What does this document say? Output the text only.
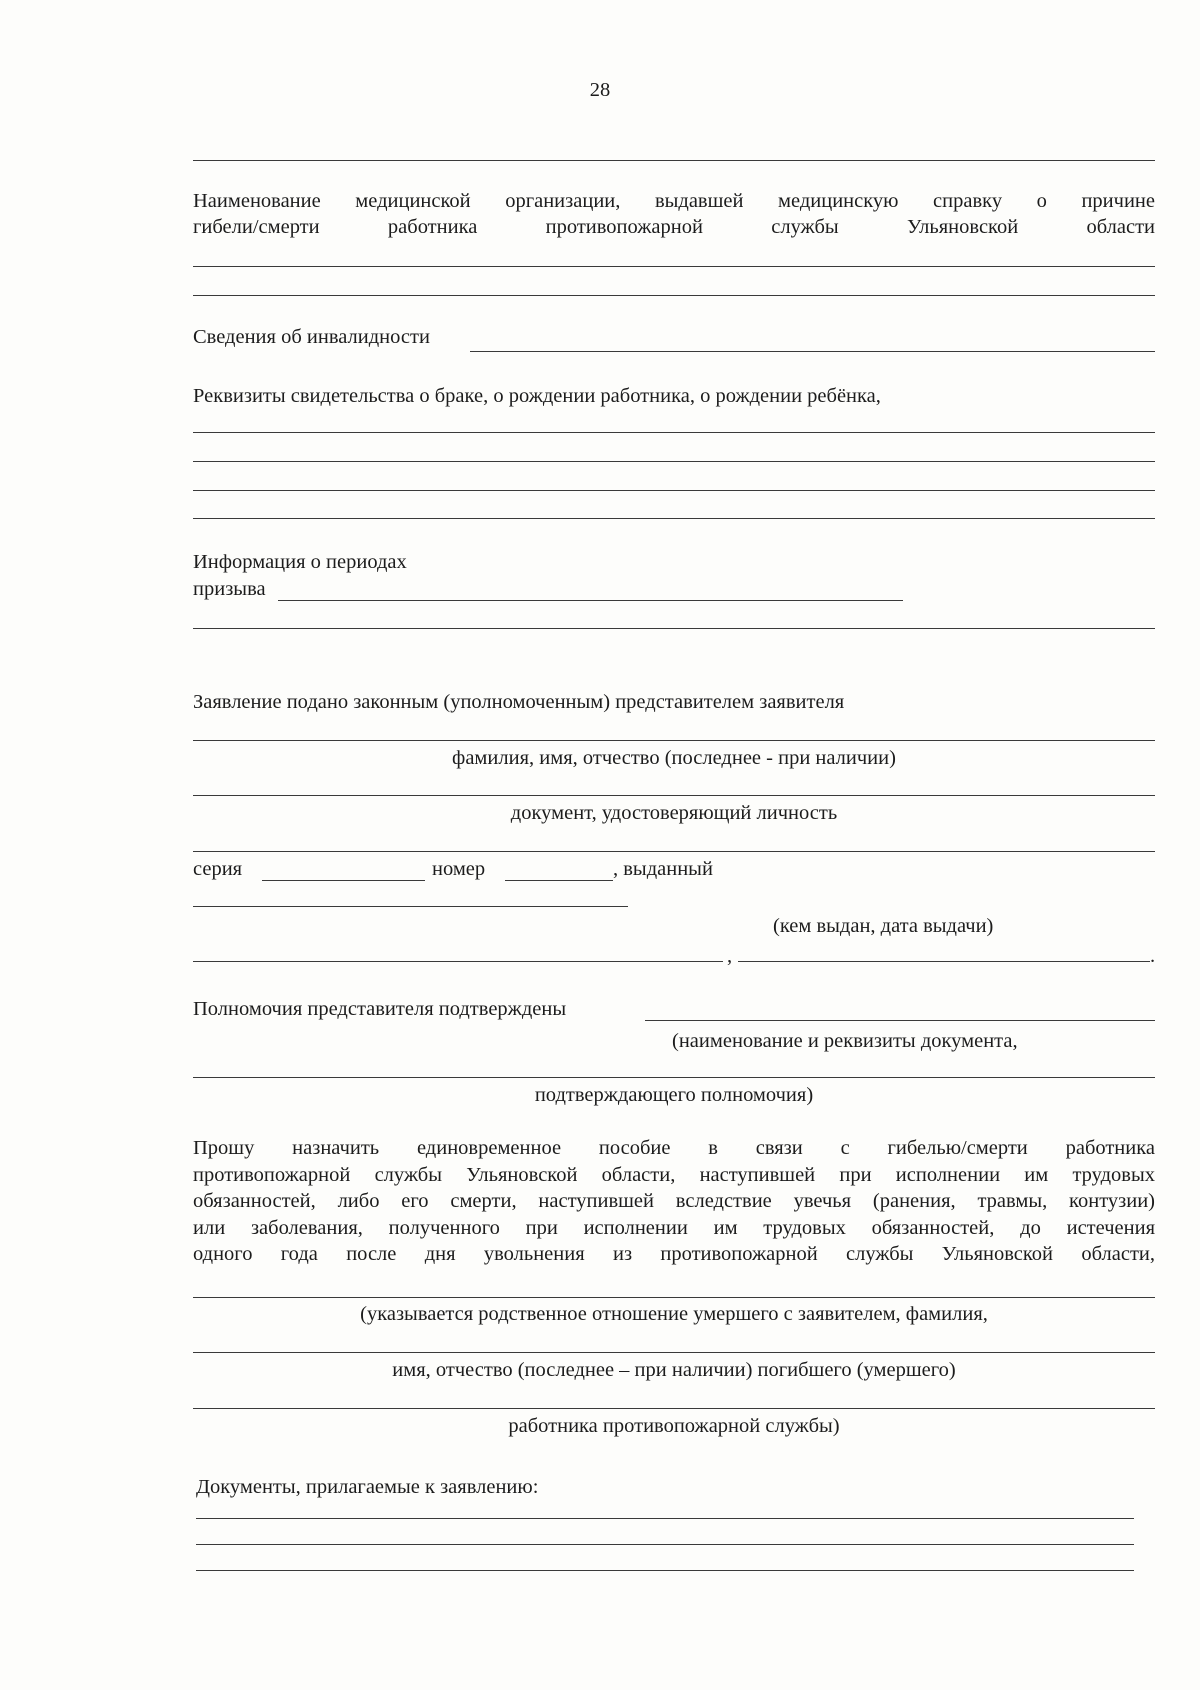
28
Наименование медицинской организации, выдавшей медицинскую справку о причине
гибели/смерти работника противопожарной службы Ульяновской области
Сведения об инвалидности
Реквизиты свидетельства о браке, о рождении работника, о рождении ребёнка,
Информация о периодах
призыва
Заявление подано законным (уполномоченным) представителем заявителя
фамилия, имя, отчество (последнее - при наличии)
документ, удостоверяющий личность
серия	номер	, выданный
(кем выдан, дата выдачи)
,	.
Полномочия представителя подтверждены
(наименование и реквизиты документа,
подтверждающего полномочия)

Прошу назначить единовременное пособие в связи с гибелью/смерти работника

противопожарной службы Ульяновской области, наступившей при исполнении им трудовых

обязанностей, либо его смерти, наступившей вследствие увечья (ранения, травмы, контузии)

или заболевания, полученного при исполнении им трудовых обязанностей, до истечения

одного года после дня увольнения из противопожарной службы Ульяновской области,

(указывается родственное отношение умершего с заявителем, фамилия,
имя, отчество (последнее – при наличии) погибшего (умершего)
работника противопожарной службы)
Документы, прилагаемые к заявлению:
